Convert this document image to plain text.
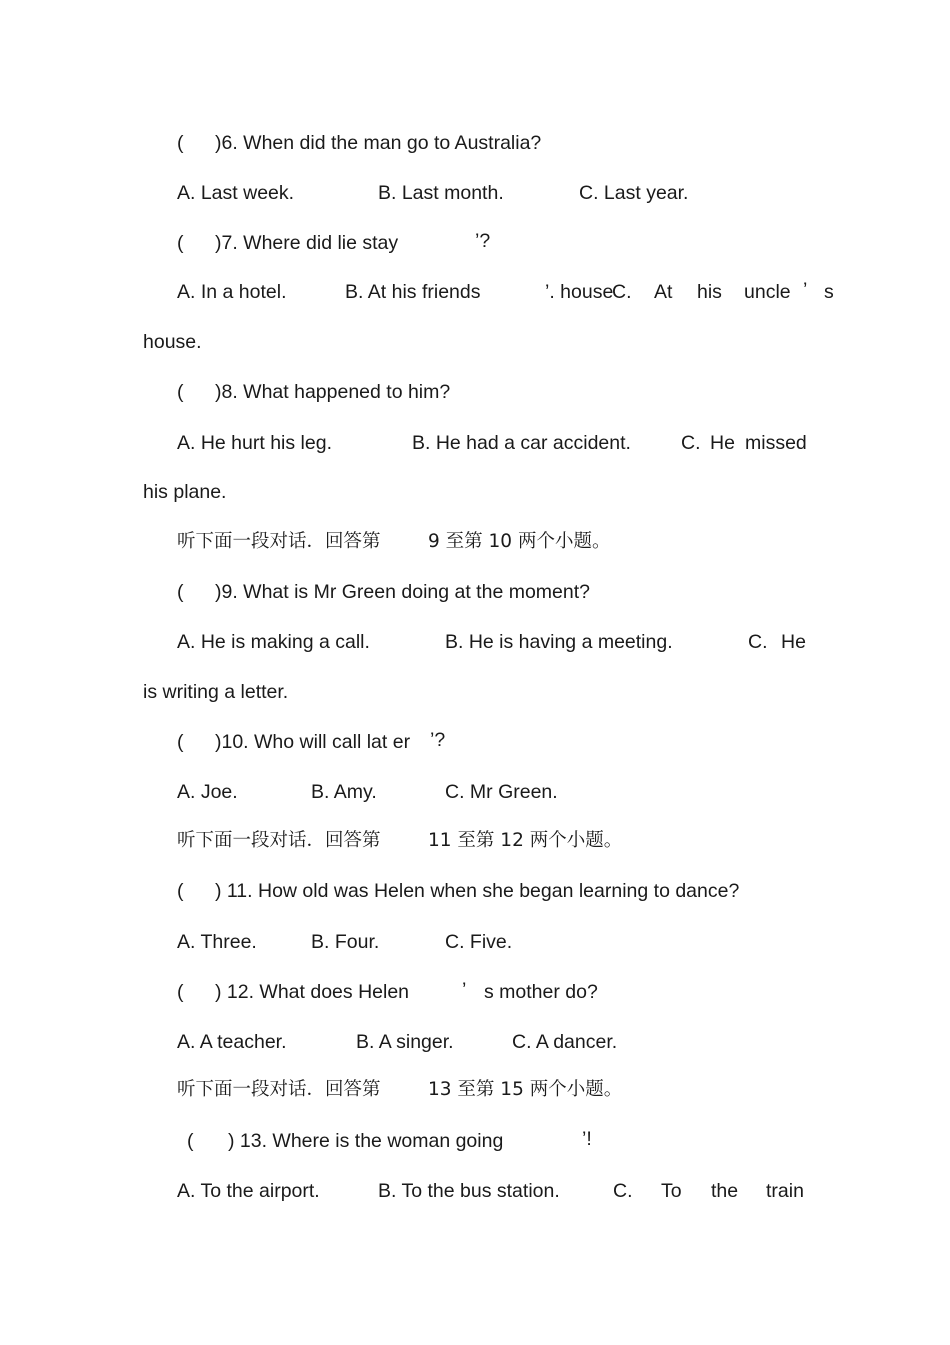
( )6. When did the man go to Australia?
A. Last week.	B. Last month.	C. Last year.
( )7. Where did lie stay	’?
A. In a hotel.	B. At his friends	’. house
C. At his uncle ’ s
house.
( )8. What happened to him?
A. He hurt his leg.	B. He had a car accident.	C. He missed
his plane.
听下面一段对话．回答第	9 至第 10 两个小题。
( )9. What is Mr Green doing at the moment?
A. He is making a call.	B. He is having a meeting.	C. He
is writing a letter.
( )10. Who will call lat er ’?
A. Joe.	B. Amy.	C. Mr Green.
听下面一段对话．回答第	11 至第 12 两个小题。
( ) 11. How old was Helen when she began learning to dance?
A. Three.	B. Four.	C. Five.
( ) 12. What does Helen	’ s mother do?
A. A teacher.	B. A singer.	C. A dancer.
听下面一段对话．回答第	13 至第 15 两个小题。
( ) 13. Where is the woman going	’!
A. To the airport.	B. To the bus station.	C. To the train
